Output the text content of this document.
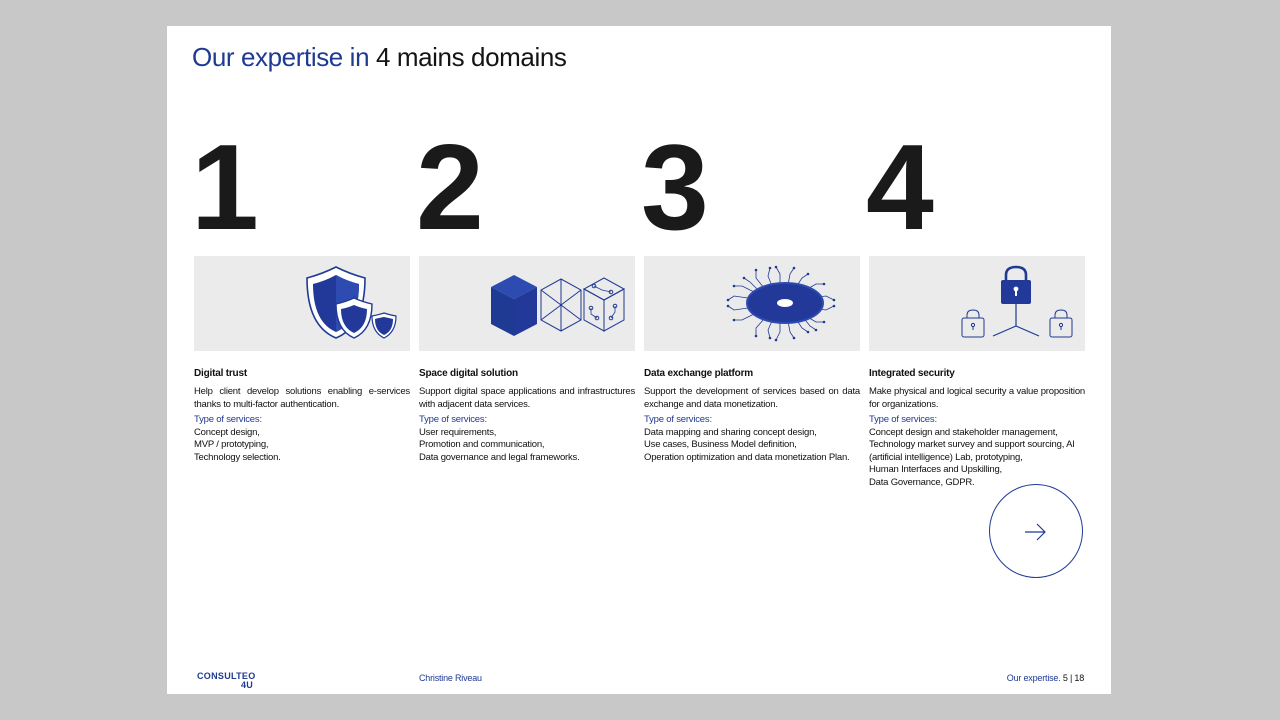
Our expertise in 4 mains domains
1
Digital trust
Help client develop solutions enabling e-services thanks to multi-factor authentication.
Type of services:
Concept design,
MVP / prototyping,
Technology selection.
2
Space digital solution
Support digital space applications and infrastructures with adjacent data services.
Type of services:
User requirements,
Promotion and communication,
Data governance and legal frameworks.
3
Data exchange platform
Support the development of services based on data exchange and data monetization.
Type of services:
Data mapping and sharing concept design,
Use cases, Business Model definition,
Operation optimization and data monetization Plan.
4
Integrated security
Make physical and logical security a value proposition for organizations.
Type of services:
Concept design and stakeholder management,
Technology market survey and support sourcing, AI
(artificial intelligence) Lab, prototyping,
Human Interfaces and Upskilling,
Data Governance, GDPR.
CONSULTEO
4U
Christine Riveau	Our expertise. 5 | 18
